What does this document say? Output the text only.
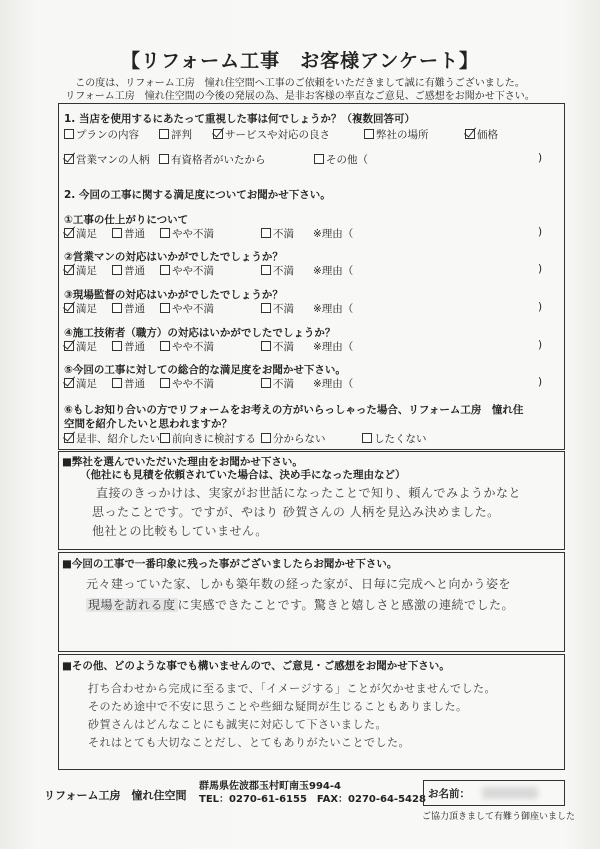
【リフォーム工事　お客様アンケート】
この度は、リフォーム工房　憧れ住空間へ工事のご依頼をいただきまして誠に有難うございました。
リフォーム工房　憧れ住空間の今後の発展の為、是非お客様の率直なご意見、ご感想をお聞かせ下さい。
1. 当店を使用するにあたって重視した事は何でしょうか？（複数回答可）
プランの内容	評判	サービスや対応の良さ	弊社の場所	価格
営業マンの人柄	有資格者がいたから	その他（	)
2. 今回の工事に関する満足度についてお聞かせ下さい。
①工事の仕上がりについて
満足	普通	やや不満	不満 ※理由（	)
②営業マンの対応はいかがでしたでしょうか？
満足	普通	やや不満	不満 ※理由（	)
③現場監督の対応はいかがでしたでしょうか？
満足	普通	やや不満	不満 ※理由（	)
④施工技術者（職方）の対応はいかがでしたでしょうか？
満足	普通	やや不満	不満 ※理由（	)
⑤今回の工事に対しての総合的な満足度をお聞かせ下さい。
満足	普通	やや不満	不満 ※理由（	)
⑥もしお知り合いの方でリフォームをお考えの方がいらっしゃった場合、リフォーム工房　憧れ住
空間を紹介したいと思われますか？
是非、紹介したい	前向きに検討する	分からない	したくない
■弊社を選んでいただいた理由をお聞かせ下さい。
（他社にも見積を依頼されていた場合は、決め手になった理由など）
直接のきっかけは、実家がお世話になったことで知り、頼んでみようかなと
思ったことです。ですが、やはり 砂賀さんの 人柄を見込み決めました。
他社との比較もしていません。
■今回の工事で一番印象に残った事がございましたらお聞かせ下さい。
元々建っていた家、しかも築年数の経った家が、日毎に完成へと向かう姿を
現場を訪れる度 に実感できたことです。驚きと嬉しさと感激の連続でした。
■その他、どのような事でも構いませんので、ご意見・ご感想をお聞かせ下さい。
打ち合わせから完成に至るまで、「イメージする」ことが欠かせませんでした。
そのため途中で不安に思うことや些細な疑問が生じることもありました。
砂賀さんはどんなことにも誠実に対応して下さいました。
それはとても大切なことだし、とてもありがたいことでした。
リフォーム工房　憧れ住空間
群馬県佐波郡玉村町南玉994-4
TEL：0270-61-6155　FAX：0270-64-5428 お名前：
ご協力頂きまして有難う御座いました
